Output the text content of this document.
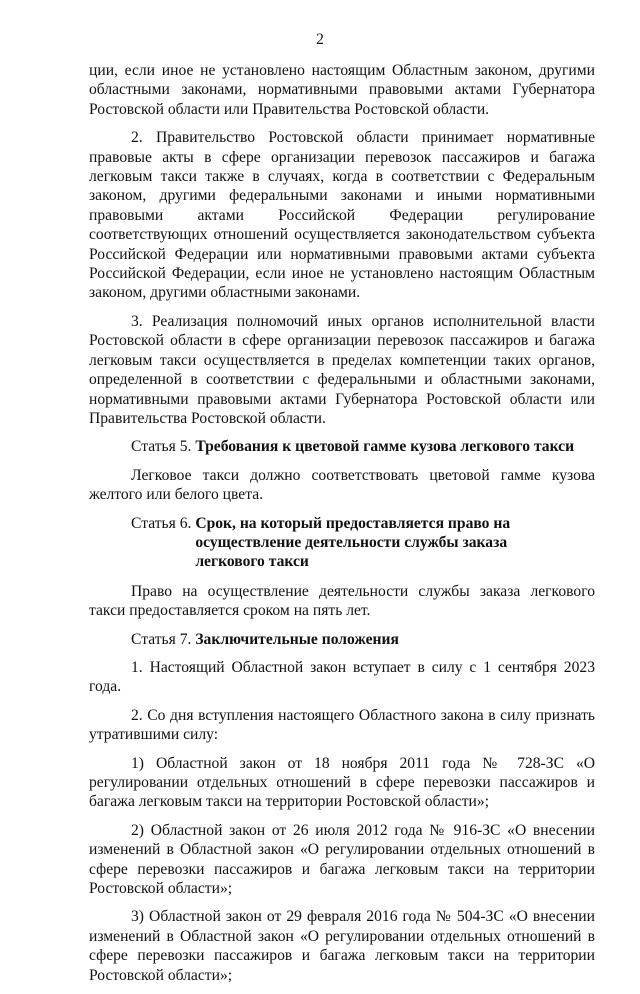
2

ции, если иное не установлено настоящим Областным законом, другими областными законами, нормативными правовыми актами Губернатора Ростовской области или Правительства Ростовской области.

2. Правительство Ростовской области принимает нормативные правовые акты в сфере организации перевозок пассажиров и багажа легковым такси также в случаях, когда в соответствии с Федеральным законом, другими федеральными законами и иными нормативными правовыми актами Российской Федерации регулирование соответствующих отношений осуществляется законодательством субъекта Российской Федерации или нормативными правовыми актами субъекта Российской Федерации, если иное не установлено настоящим Областным законом, другими областными законами.

3. Реализация полномочий иных органов исполнительной власти Ростовской области в сфере организации перевозок пассажиров и багажа легковым такси осуществляется в пределах компетенции таких органов, определенной в соответствии с федеральными и областными законами, нормативными правовыми актами Губернатора Ростовской области или Правительства Ростовской области.

Статья 5. Требования к цветовой гамме кузова легкового такси

Легковое такси должно соответствовать цветовой гамме кузова желтого или белого цвета.

Статья 6. Срок, на который предоставляется право на осуществление деятельности службы заказа легкового такси

Право на осуществление деятельности службы заказа легкового такси предоставляется сроком на пять лет.

Статья 7. Заключительные положения

1. Настоящий Областной закон вступает в силу с 1 сентября 2023 года.

2. Со дня вступления настоящего Областного закона в силу признать утратившими силу:

1) Областной закон от 18 ноября 2011 года № 728-ЗС «О регулировании отдельных отношений в сфере перевозки пассажиров и багажа легковым такси на территории Ростовской области»;

2) Областной закон от 26 июля 2012 года № 916-ЗС «О внесении изменений в Областной закон «О регулировании отдельных отношений в сфере перевозки пассажиров и багажа легковым такси на территории Ростовской области»;

3) Областной закон от 29 февраля 2016 года № 504-ЗС «О внесении изменений в Областной закон «О регулировании отдельных отношений в сфере перевозки пассажиров и багажа легковым такси на территории Ростовской области»;
